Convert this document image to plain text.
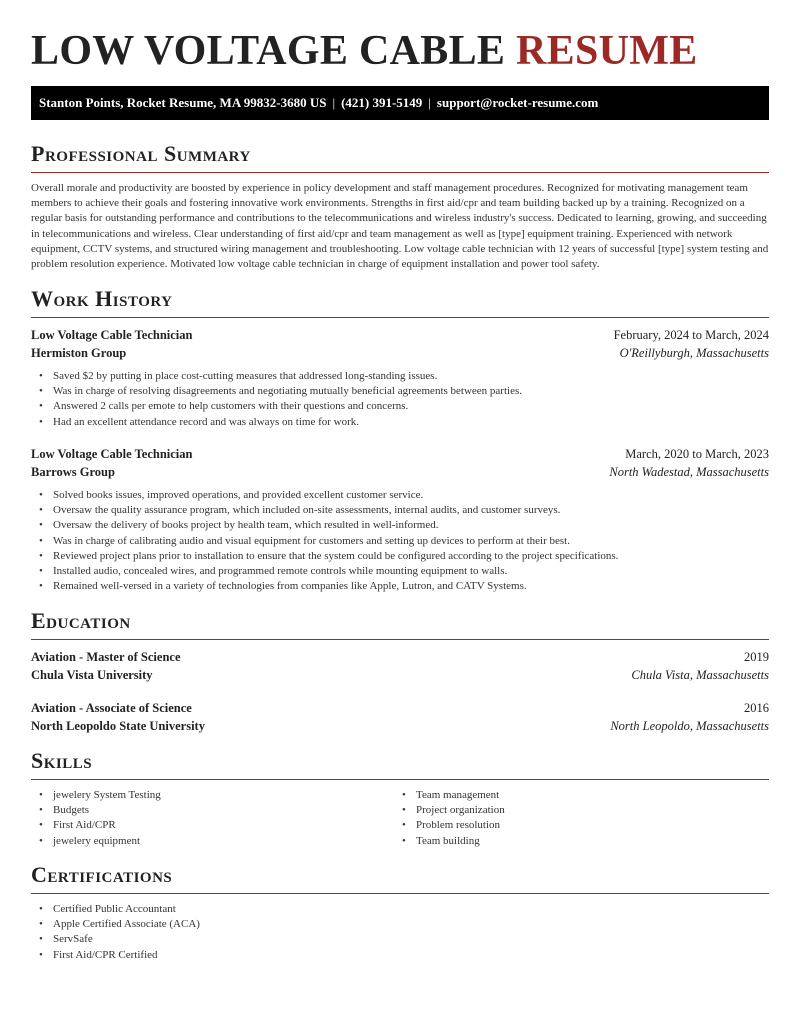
LOW VOLTAGE CABLE RESUME
Stanton Points, Rocket Resume, MA 99832-3680 US | (421) 391-5149 | support@rocket-resume.com
Professional Summary

Overall morale and productivity are boosted by experience in policy development and staff management procedures. Recognized for motivating management team members to achieve their goals and fostering innovative work environments. Strengths in first aid/cpr and team building backed up by a training. Recognized on a regular basis for outstanding performance and contributions to the telecommunications and wireless industry's success. Dedicated to learning, growing, and succeeding in telecommunications and wireless. Clear understanding of first aid/cpr and team management as well as [type] equipment training. Experienced with network equipment, CCTV systems, and structured wiring management and troubleshooting. Low voltage cable technician with 12 years of successful [type] system testing and problem resolution experience. Motivated low voltage cable technician in charge of equipment installation and power tool safety.

Work History
Low Voltage Cable Technician	February, 2024 to March, 2024
Hermiston Group	O'Reillyburgh, Massachusetts
• Saved $2 by putting in place cost-cutting measures that addressed long-standing issues.
• Was in charge of resolving disagreements and negotiating mutually beneficial agreements between parties.
• Answered 2 calls per emote to help customers with their questions and concerns.
• Had an excellent attendance record and was always on time for work.
Low Voltage Cable Technician	March, 2020 to March, 2023
Barrows Group	North Wadestad, Massachusetts
• Solved books issues, improved operations, and provided excellent customer service.
• Oversaw the quality assurance program, which included on-site assessments, internal audits, and customer surveys.
• Oversaw the delivery of books project by health team, which resulted in well-informed.
• Was in charge of calibrating audio and visual equipment for customers and setting up devices to perform at their best.
• Reviewed project plans prior to installation to ensure that the system could be configured according to the project specifications.
• Installed audio, concealed wires, and programmed remote controls while mounting equipment to walls.
• Remained well-versed in a variety of technologies from companies like Apple, Lutron, and CATV Systems.
Education
Aviation - Master of Science	2019
Chula Vista University	Chula Vista, Massachusetts
Aviation - Associate of Science	2016
North Leopoldo State University	North Leopoldo, Massachusetts
Skills
• jewelery System Testing
• Budgets
• First Aid/CPR
• jewelery equipment
• Team management
• Project organization
• Problem resolution
• Team building
Certifications
• Certified Public Accountant
• Apple Certified Associate (ACA)
• ServSafe
• First Aid/CPR Certified
